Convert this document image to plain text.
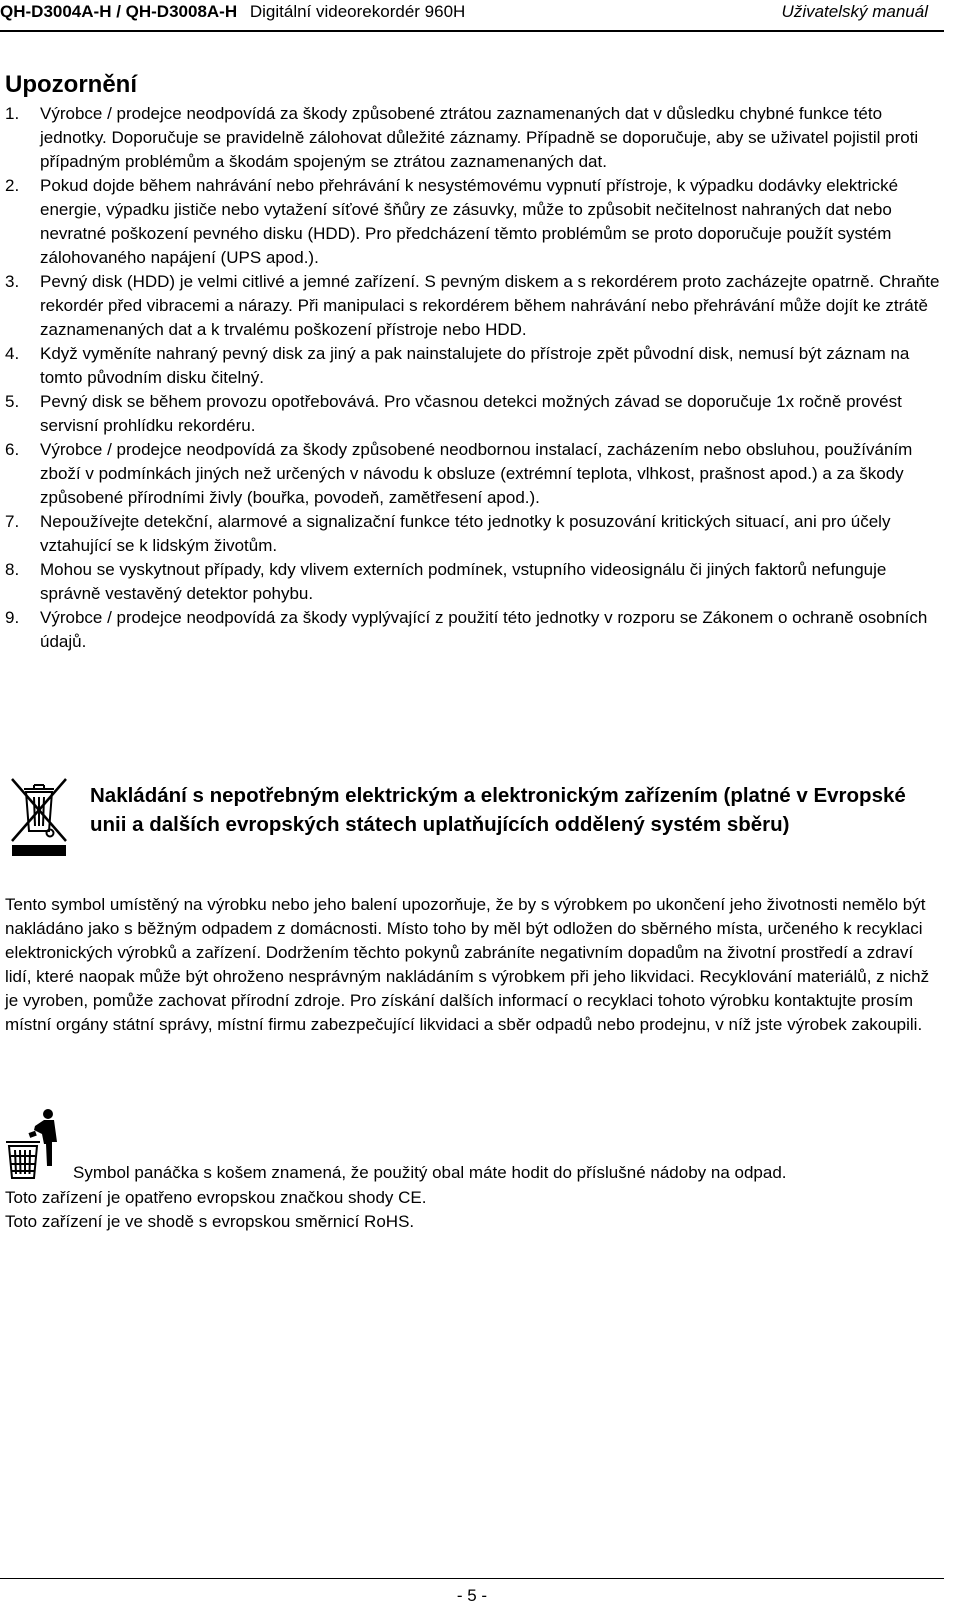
QH-D3004A-H / QH-D3008A-H Digitální videorekordér 960H	Uživatelský manuál
Upozornění
1. Výrobce / prodejce neodpovídá za škody způsobené ztrátou zaznamenaných dat v důsledku chybné funkce této jednotky. Doporučuje se pravidelně zálohovat důležité záznamy. Případně se doporučuje, aby se uživatel pojistil proti případným problémům a škodám spojeným se ztrátou zaznamenaných dat.
2. Pokud dojde během nahrávání nebo přehrávání k nesystémovému vypnutí přístroje, k výpadku dodávky elektrické energie, výpadku jističe nebo vytažení síťové šňůry ze zásuvky, může to způsobit nečitelnost nahraných dat nebo nevratné poškození pevného disku (HDD). Pro předcházení těmto problémům se proto doporučuje použít systém zálohovaného napájení (UPS apod.).
3. Pevný disk (HDD) je velmi citlivé a jemné zařízení. S pevným diskem a s rekordérem proto zacházejte opatrně. Chraňte rekordér před vibracemi a nárazy. Při manipulaci s rekordérem během nahrávání nebo přehrávání může dojít ke ztrátě zaznamenaných dat a k trvalému poškození přístroje nebo HDD.
4. Když vyměníte nahraný pevný disk za jiný a pak nainstalujete do přístroje zpět původní disk, nemusí být záznam na tomto původním disku čitelný.
5. Pevný disk se během provozu opotřebovává. Pro včasnou detekci možných závad se doporučuje 1x ročně provést servisní prohlídku rekordéru.
6. Výrobce / prodejce neodpovídá za škody způsobené neodbornou instalací, zacházením nebo obsluhou, používáním zboží v podmínkách jiných než určených v návodu k obsluze (extrémní teplota, vlhkost, prašnost apod.) a za škody způsobené přírodními živly (bouřka, povodeň, zamětřesení apod.).
7. Nepoužívejte detekční, alarmové a signalizační funkce této jednotky k posuzování kritických situací, ani pro účely vztahující se k lidským životům.
8. Mohou se vyskytnout případy, kdy vlivem externích podmínek, vstupního videosignálu či jiných faktorů nefunguje správně vestavěný detektor pohybu.
9. Výrobce / prodejce neodpovídá za škody vyplývající z použití této jednotky v rozporu se Zákonem o ochraně osobních údajů.
Nakládání s nepotřebným elektrickým a elektronickým zařízením (platné v Evropské unii a dalších evropských státech uplatňujících oddělený systém sběru)

Tento symbol umístěný na výrobku nebo jeho balení upozorňuje, že by s výrobkem po ukončení jeho životnosti nemělo být nakládáno jako s běžným odpadem z domácnosti. Místo toho by měl být odložen do sběrného místa, určeného k recyklaci elektronických výrobků a zařízení. Dodržením těchto pokynů zabráníte negativním dopadům na životní prostředí a zdraví lidí, které naopak může být ohroženo nesprávným nakládáním s výrobkem při jeho likvidaci. Recyklování materiálů, z nichž je vyroben, pomůže zachovat přírodní zdroje. Pro získání dalších informací o recyklaci tohoto výrobku kontaktujte prosím místní orgány státní správy, místní firmu zabezpečující likvidaci a sběr odpadů nebo prodejnu, v níž jste výrobek zakoupili.

Symbol panáčka s košem znamená, že použitý obal máte hodit do příslušné nádoby na odpad.
Toto zařízení je opatřeno evropskou značkou shody CE.
Toto zařízení je ve shodě s evropskou směrnicí RoHS.
- 5 -
